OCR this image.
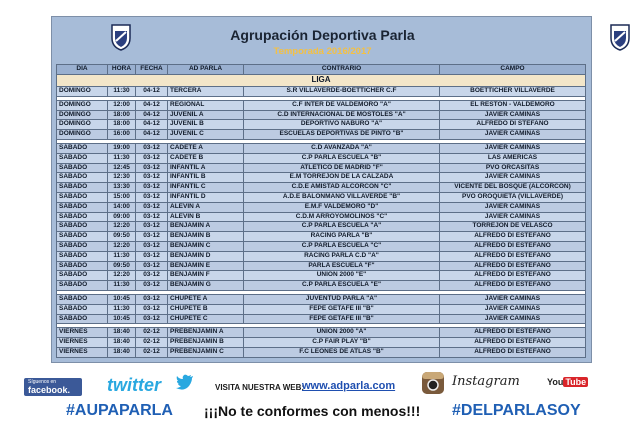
Agrupación Deportiva Parla
Temporada 2016/2017
DIA	HORA	FECHA	AD PARLA	CONTRARIO	CAMPO
LIGA					
DOMINGO	11:30	04-12	TERCERA	S.R VILLAVERDE-BOETTICHER C.F	BOETTICHER VILLAVERDE

DOMINGO	12:00	04-12	REGIONAL	C.F INTER DE VALDEMORO "A"	EL RESTON - VALDEMORO
DOMINGO	18:00	04-12	JUVENIL A	C.D INTERNACIONAL DE MOSTOLES "A"	JAVIER CAMIÑAS
DOMINGO	18:00	04-12	JUVENIL B	DEPORTIVO NABURO "A"	ALFREDO DI STEFANO
DOMINGO	16:00	04-12	JUVENIL C	ESCUELAS DEPORTIVAS DE PINTO "B"	JAVIER CAMIÑAS

SABADO	19:00	03-12	CADETE A	C.D AVANZADA "A"	JAVIER CAMIÑAS
SABADO	11:30	03-12	CADETE B	C.P PARLA ESCUELA "B"	LAS AMERICAS
SABADO	12:45	03-12	INFANTIL A	ATLETICO DE MADRID "F"	PVO ORCASITAS
SABADO	12:30	03-12	INFANTIL B	E.M TORREJON DE LA CALZADA	JAVIER CAMIÑAS
SABADO	13:30	03-12	INFANTIL C	C.D.E AMISTAD ALCORCON "C"	VICENTE DEL BOSQUE (ALCORCON)
SABADO	15:00	03-12	INFANTIL D	A.D.E BALONMANO VILLAVERDE "B"	PVO OROQUIETA (VILLAVERDE)
SABADO	14:00	03-12	ALEVIN A	E.M.F VALDEMORO "D"	JAVIER CAMIÑAS
SABADO	09:00	03-12	ALEVIN B	C.D.M ARROYOMOLINOS "C"	JAVIER CAMIÑAS
SABADO	12:20	03-12	BENJAMIN A	C.P PARLA ESCUELA "A"	TORREJON DE VELASCO
SABADO	09:50	03-12	BENJAMIN B	RACING PARLA "B"	ALFREDO DI ESTEFANO
SABADO	12:20	03-12	BENJAMIN C	C.P PARLA ESCUELA "C"	ALFREDO DI ESTEFANO
SABADO	11:30	03-12	BENJAMIN D	RACING PARLA C.D "A"	ALFREDO DI ESTEFANO
SABADO	09:50	03-12	BENJAMIN E	PARLA ESCUELA "F"	ALFREDO DI ESTEFANO
SABADO	12:20	03-12	BENJAMIN F	UNION 2000 "E"	ALFREDO DI ESTEFANO
SABADO	11:30	03-12	BENJAMIN G	C.P PARLA ESCUELA "E"	ALFREDO DI ESTEFANO

SABADO	10:45	03-12	CHUPETE A	JUVENTUD PARLA "A"	JAVIER CAMIÑAS
SABADO	11:30	03-12	CHUPETE B	FEPE GETAFE III "B"	JAVIER CAMIÑAS
SABADO	10:45	03-12	CHUPETE C	FEPE GETAFE III "B"	JAVIER CAMIÑAS

VIERNES	18:40	02-12	PREBENJAMIN A	UNION 2000 "A"	ALFREDO DI ESTEFANO
VIERNES	18:40	02-12	PREBENJAMIN B	C.P FAIR PLAY "B"	ALFREDO DI ESTEFANO
VIERNES	18:40	02-12	PREBENJAMIN C	F.C LEONES DE ATLAS "B"	ALFREDO DI ESTEFANO
Síguenos en
facebook. twitter	VISITA NUESTRA WEB:
www.adparla.com	Instagram	You Tube
#AUPAPARLA ¡¡¡No te conformes con menos!!! #DELPARLASOY
